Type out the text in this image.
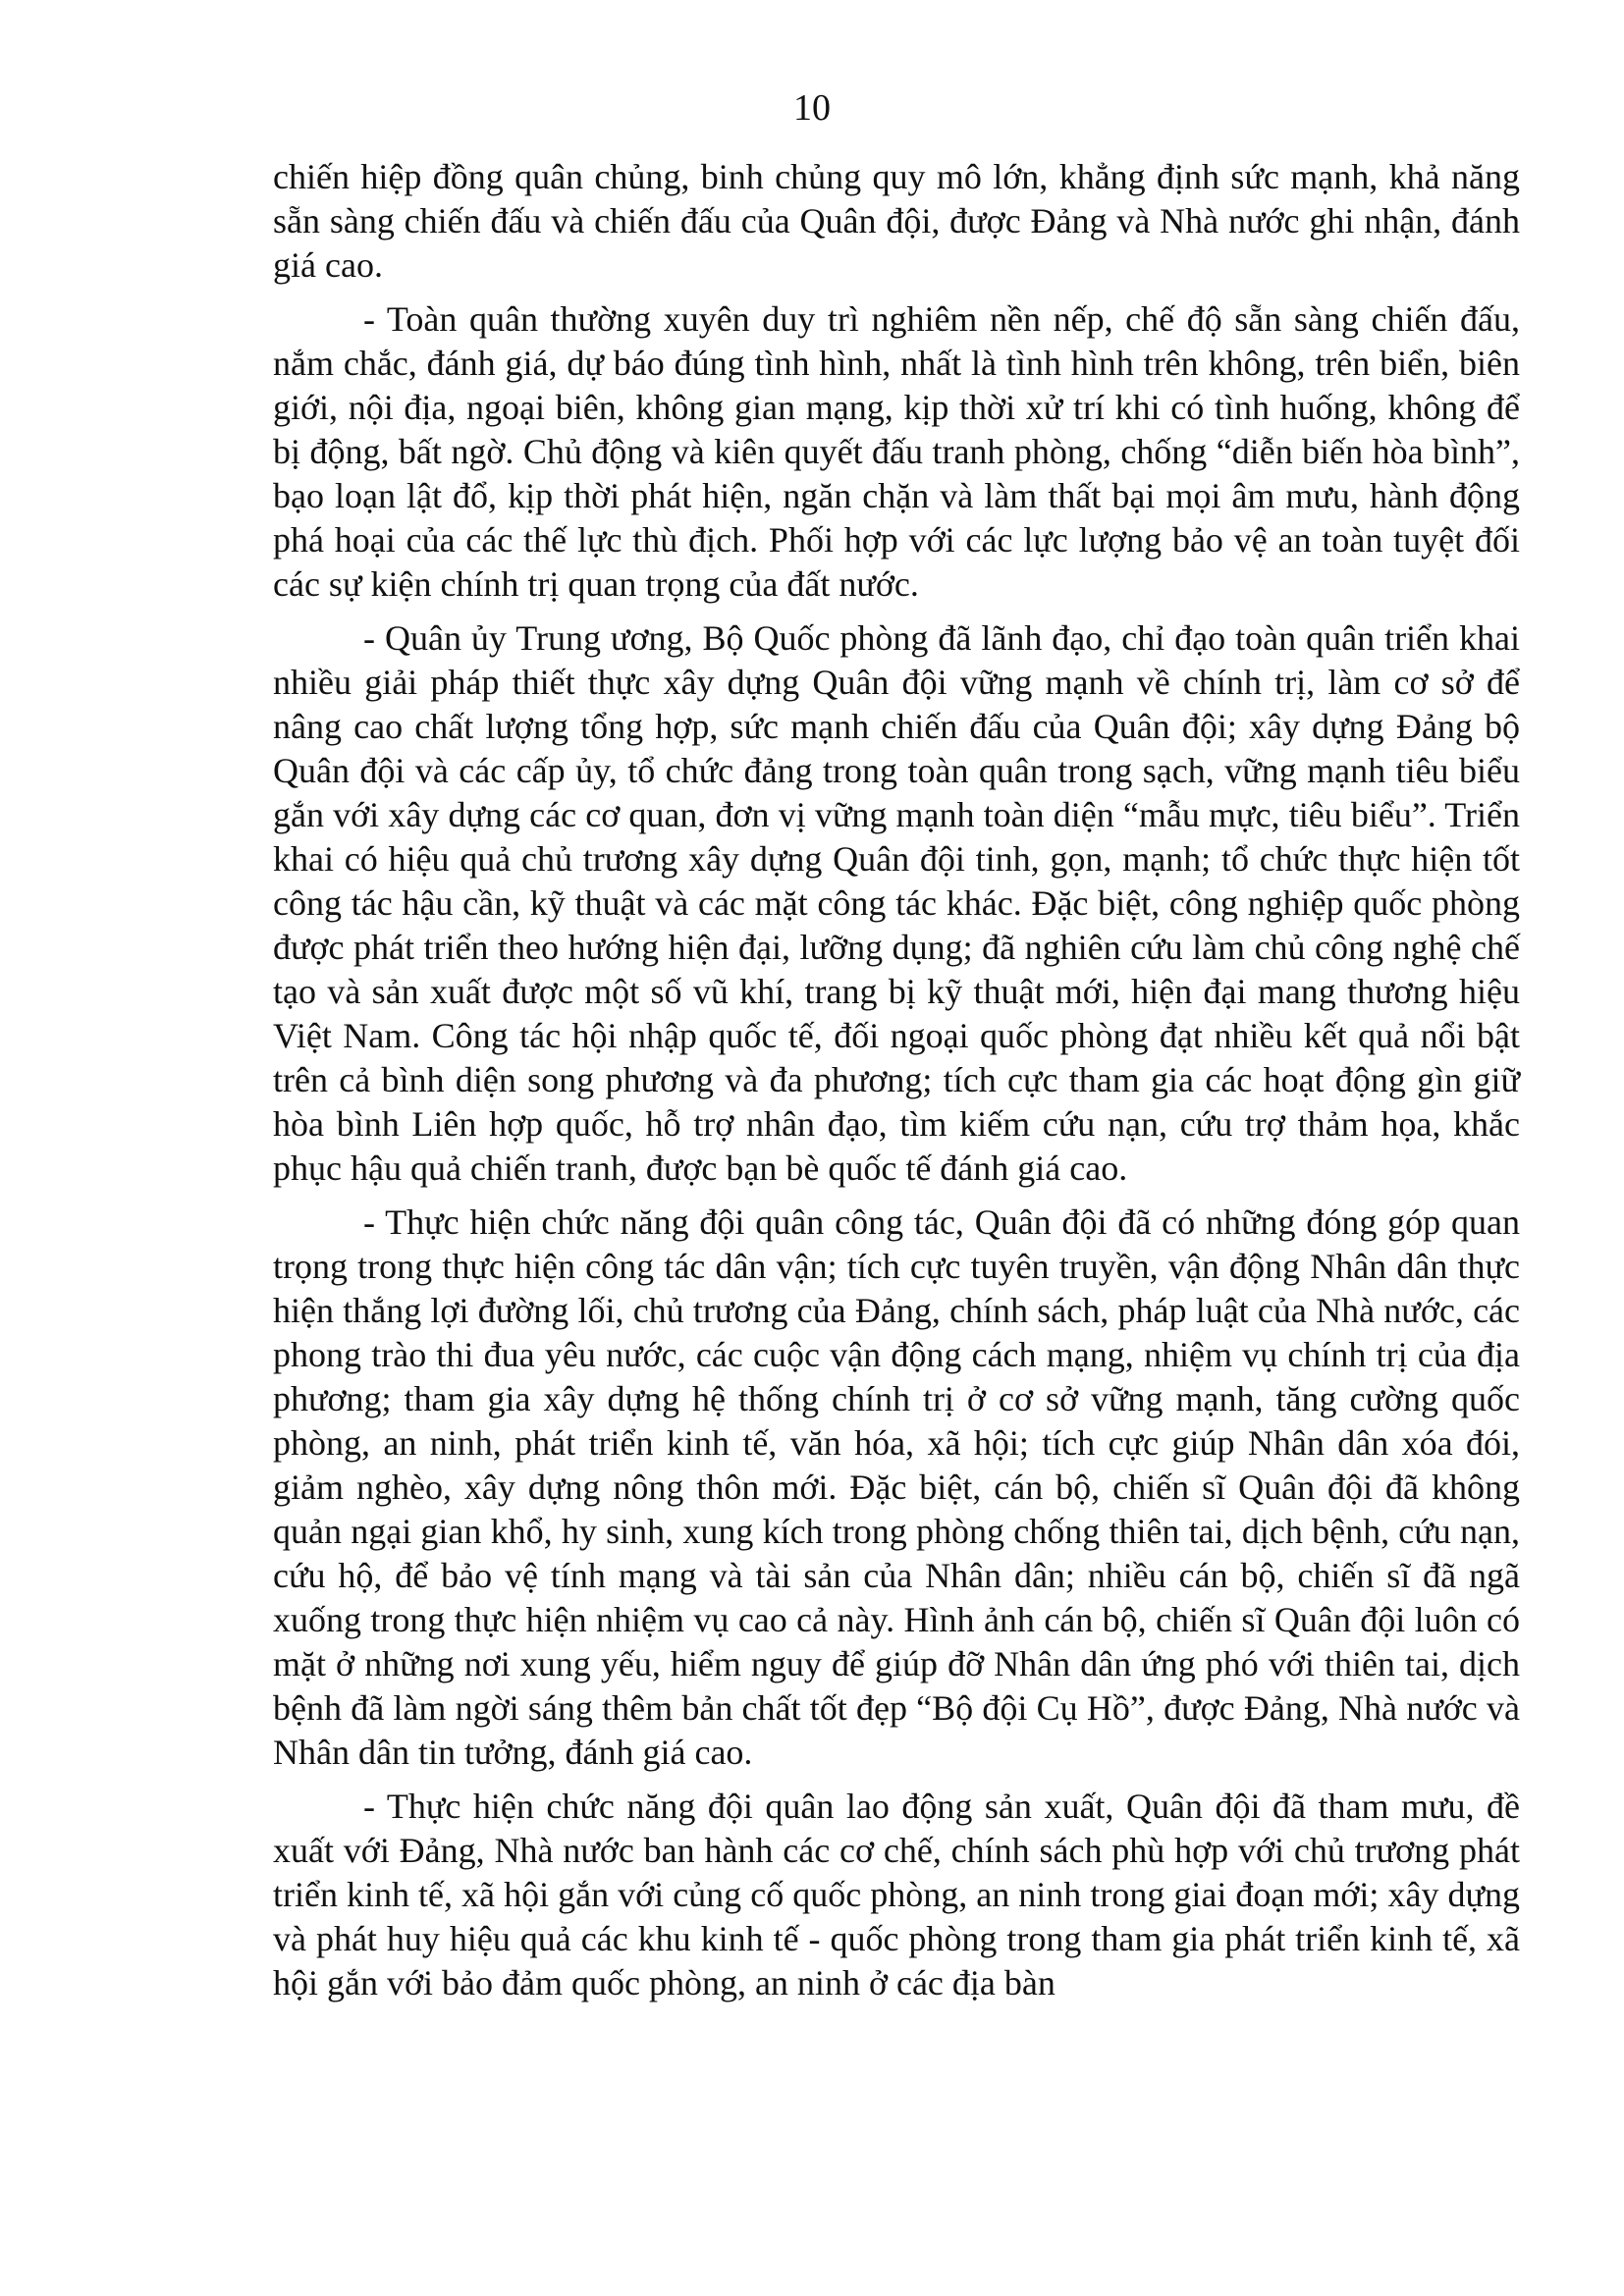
10

chiến hiệp đồng quân chủng, binh chủng quy mô lớn, khẳng định sức mạnh, khả năng sẵn sàng chiến đấu và chiến đấu của Quân đội, được Đảng và Nhà nước ghi nhận, đánh giá cao.

- Toàn quân thường xuyên duy trì nghiêm nền nếp, chế độ sẵn sàng chiến đấu, nắm chắc, đánh giá, dự báo đúng tình hình, nhất là tình hình trên không, trên biển, biên giới, nội địa, ngoại biên, không gian mạng, kịp thời xử trí khi có tình huống, không để bị động, bất ngờ. Chủ động và kiên quyết đấu tranh phòng, chống “diễn biến hòa bình”, bạo loạn lật đổ, kịp thời phát hiện, ngăn chặn và làm thất bại mọi âm mưu, hành động phá hoại của các thế lực thù địch. Phối hợp với các lực lượng bảo vệ an toàn tuyệt đối các sự kiện chính trị quan trọng của đất nước.

- Quân ủy Trung ương, Bộ Quốc phòng đã lãnh đạo, chỉ đạo toàn quân triển khai nhiều giải pháp thiết thực xây dựng Quân đội vững mạnh về chính trị, làm cơ sở để nâng cao chất lượng tổng hợp, sức mạnh chiến đấu của Quân đội; xây dựng Đảng bộ Quân đội và các cấp ủy, tổ chức đảng trong toàn quân trong sạch, vững mạnh tiêu biểu gắn với xây dựng các cơ quan, đơn vị vững mạnh toàn diện “mẫu mực, tiêu biểu”. Triển khai có hiệu quả chủ trương xây dựng Quân đội tinh, gọn, mạnh; tổ chức thực hiện tốt công tác hậu cần, kỹ thuật và các mặt công tác khác. Đặc biệt, công nghiệp quốc phòng được phát triển theo hướng hiện đại, lưỡng dụng; đã nghiên cứu làm chủ công nghệ chế tạo và sản xuất được một số vũ khí, trang bị kỹ thuật mới, hiện đại mang thương hiệu Việt Nam. Công tác hội nhập quốc tế, đối ngoại quốc phòng đạt nhiều kết quả nổi bật trên cả bình diện song phương và đa phương; tích cực tham gia các hoạt động gìn giữ hòa bình Liên hợp quốc, hỗ trợ nhân đạo, tìm kiếm cứu nạn, cứu trợ thảm họa, khắc phục hậu quả chiến tranh, được bạn bè quốc tế đánh giá cao.

- Thực hiện chức năng đội quân công tác, Quân đội đã có những đóng góp quan trọng trong thực hiện công tác dân vận; tích cực tuyên truyền, vận động Nhân dân thực hiện thắng lợi đường lối, chủ trương của Đảng, chính sách, pháp luật của Nhà nước, các phong trào thi đua yêu nước, các cuộc vận động cách mạng, nhiệm vụ chính trị của địa phương; tham gia xây dựng hệ thống chính trị ở cơ sở vững mạnh, tăng cường quốc phòng, an ninh, phát triển kinh tế, văn hóa, xã hội; tích cực giúp Nhân dân xóa đói, giảm nghèo, xây dựng nông thôn mới. Đặc biệt, cán bộ, chiến sĩ Quân đội đã không quản ngại gian khổ, hy sinh, xung kích trong phòng chống thiên tai, dịch bệnh, cứu nạn, cứu hộ, để bảo vệ tính mạng và tài sản của Nhân dân; nhiều cán bộ, chiến sĩ đã ngã xuống trong thực hiện nhiệm vụ cao cả này. Hình ảnh cán bộ, chiến sĩ Quân đội luôn có mặt ở những nơi xung yếu, hiểm nguy để giúp đỡ Nhân dân ứng phó với thiên tai, dịch bệnh đã làm ngời sáng thêm bản chất tốt đẹp “Bộ đội Cụ Hồ”, được Đảng, Nhà nước và Nhân dân tin tưởng, đánh giá cao.

- Thực hiện chức năng đội quân lao động sản xuất, Quân đội đã tham mưu, đề xuất với Đảng, Nhà nước ban hành các cơ chế, chính sách phù hợp với chủ trương phát triển kinh tế, xã hội gắn với củng cố quốc phòng, an ninh trong giai đoạn mới; xây dựng và phát huy hiệu quả các khu kinh tế - quốc phòng trong tham gia phát triển kinh tế, xã hội gắn với bảo đảm quốc phòng, an ninh ở các địa bàn
